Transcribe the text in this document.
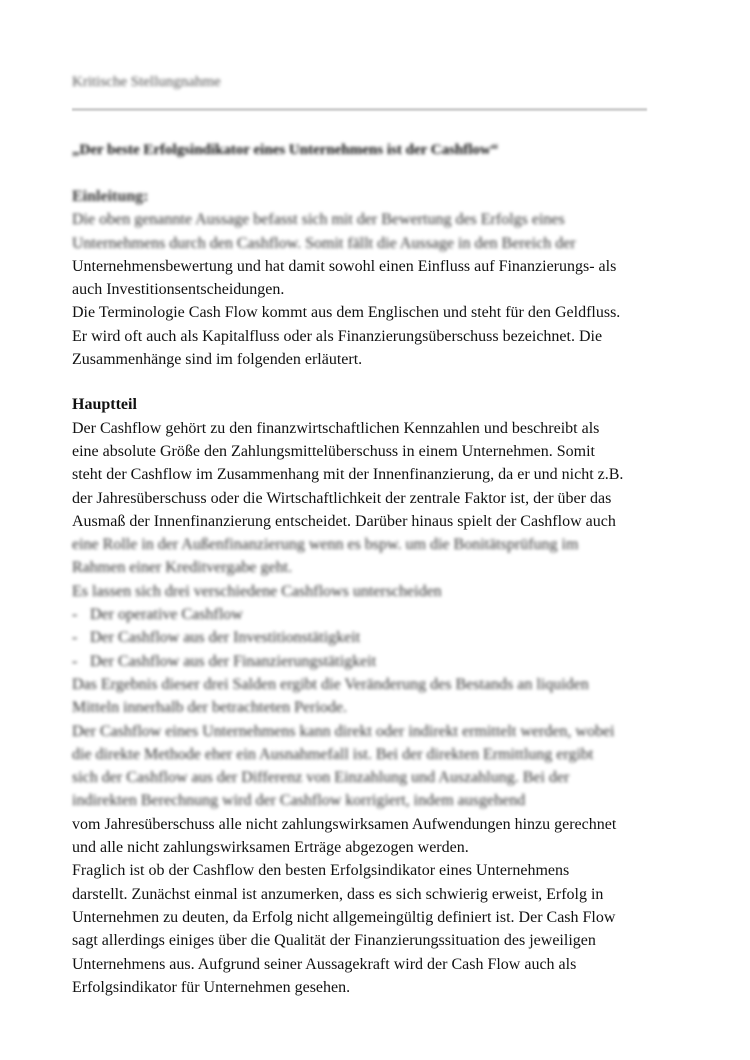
Kritische Stellungnahme
„Der beste Erfolgsindikator eines Unternehmens ist der Cashflow“
Einleitung:
Die oben genannte Aussage befasst sich mit der Bewertung des Erfolgs eines
Unternehmens durch den Cashflow. Somit fällt die Aussage in den Bereich der
Unternehmensbewertung und hat damit sowohl einen Einfluss auf Finanzierungs- als
auch Investitionsentscheidungen.
Die Terminologie Cash Flow kommt aus dem Englischen und steht für den Geldfluss.
Er wird oft auch als Kapitalfluss oder als Finanzierungsüberschuss bezeichnet. Die
Zusammenhänge sind im folgenden erläutert.
Hauptteil
Der Cashflow gehört zu den finanzwirtschaftlichen Kennzahlen und beschreibt als
eine absolute Größe den Zahlungsmittelüberschuss in einem Unternehmen. Somit
steht der Cashflow im Zusammenhang mit der Innenfinanzierung, da er und nicht z.B.
der Jahresüberschuss oder die Wirtschaftlichkeit der zentrale Faktor ist, der über das
Ausmaß der Innenfinanzierung entscheidet. Darüber hinaus spielt der Cashflow auch
eine Rolle in der Außenfinanzierung wenn es bspw. um die Bonitätsprüfung im
Rahmen einer Kreditvergabe geht.
Es lassen sich drei verschiedene Cashflows unterscheiden
- Der operative Cashflow
- Der Cashflow aus der Investitionstätigkeit
- Der Cashflow aus der Finanzierungstätigkeit
Das Ergebnis dieser drei Salden ergibt die Veränderung des Bestands an liquiden
Mitteln innerhalb der betrachteten Periode.
Der Cashflow eines Unternehmens kann direkt oder indirekt ermittelt werden, wobei
die direkte Methode eher ein Ausnahmefall ist. Bei der direkten Ermittlung ergibt
sich der Cashflow aus der Differenz von Einzahlung und Auszahlung. Bei der
indirekten Berechnung wird der Cashflow korrigiert, indem ausgehend
vom Jahresüberschuss alle nicht zahlungswirksamen Aufwendungen hinzu gerechnet
und alle nicht zahlungswirksamen Erträge abgezogen werden.
Fraglich ist ob der Cashflow den besten Erfolgsindikator eines Unternehmens
darstellt. Zunächst einmal ist anzumerken, dass es sich schwierig erweist, Erfolg in
Unternehmen zu deuten, da Erfolg nicht allgemeingültig definiert ist. Der Cash Flow
sagt allerdings einiges über die Qualität der Finanzierungssituation des jeweiligen
Unternehmens aus. Aufgrund seiner Aussagekraft wird der Cash Flow auch als
Erfolgsindikator für Unternehmen gesehen.
